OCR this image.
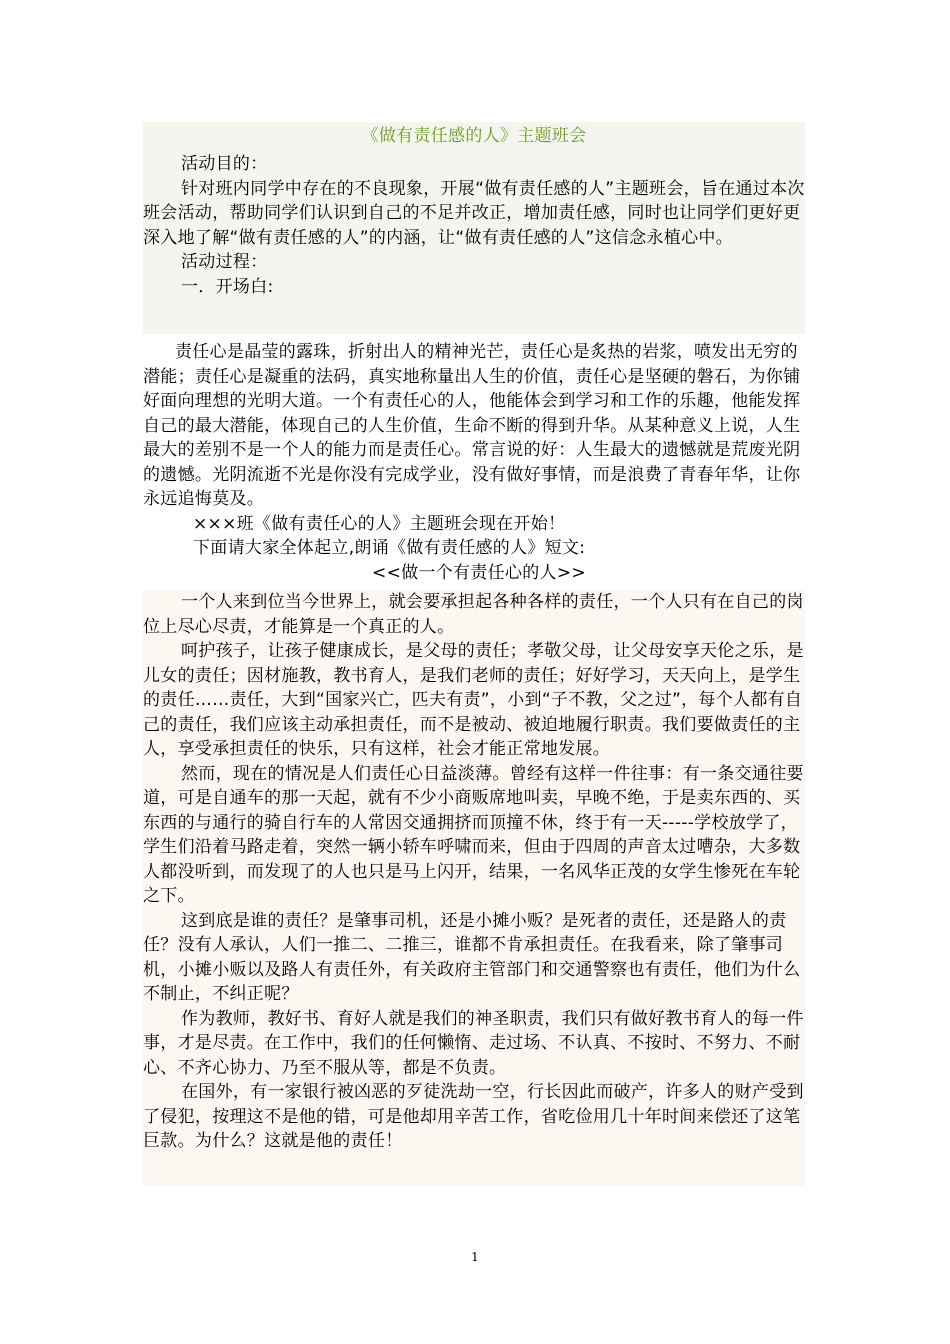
《做有责任感的人》主题班会

活动目的：

针对班内同学中存在的不良现象，开展“做有责任感的人”主题班会，旨在通过本次班会活动，帮助同学们认识到自己的不足并改正，增加责任感，同时也让同学们更好更深入地了解“做有责任感的人”的内涵，让“做有责任感的人”这信念永植心中。

活动过程：

一．开场白:

责任心是晶莹的露珠，折射出人的精神光芒，责任心是炙热的岩浆，喷发出无穷的潜能；责任心是凝重的法码，真实地称量出人生的价值，责任心是坚硬的磐石，为你铺好面向理想的光明大道。一个有责任心的人，他能体会到学习和工作的乐趣，他能发挥自己的最大潜能，体现自己的人生价值，生命不断的得到升华。从某种意义上说，人生最大的差别不是一个人的能力而是责任心。常言说的好：人生最大的遗憾就是荒废光阴的遗憾。光阴流逝不光是你没有完成学业，没有做好事情，而是浪费了青春年华，让你永远追悔莫及。

×××班《做有责任心的人》主题班会现在开始！

下面请大家全体起立,朗诵《做有责任感的人》短文:

<<做一个有责任心的人>>

一个人来到位当今世界上，就会要承担起各种各样的责任，一个人只有在自己的岗位上尽心尽责，才能算是一个真正的人。

呵护孩子，让孩子健康成长，是父母的责任；孝敬父母，让父母安享天伦之乐，是儿女的责任；因材施教，教书育人，是我们老师的责任；好好学习，天天向上，是学生的责任……责任，大到“国家兴亡，匹夫有责”，小到“子不教，父之过”，每个人都有自己的责任，我们应该主动承担责任，而不是被动、被迫地履行职责。我们要做责任的主人，享受承担责任的快乐，只有这样，社会才能正常地发展。

然而，现在的情况是人们责任心日益淡薄。曾经有这样一件往事：有一条交通往要道，可是自通车的那一天起，就有不少小商贩席地叫卖，早晚不绝，于是卖东西的、买东西的与通行的骑自行车的人常因交通拥挤而顶撞不休，终于有一天-----学校放学了，学生们沿着马路走着，突然一辆小轿车呼啸而来，但由于四周的声音太过嘈杂，大多数人都没听到，而发现了的人也只是马上闪开，结果，一名风华正茂的女学生惨死在车轮之下。

这到底是谁的责任？是肇事司机，还是小摊小贩？是死者的责任，还是路人的责任？没有人承认，人们一推二、二推三，谁都不肯承担责任。在我看来，除了肇事司机，小摊小贩以及路人有责任外，有关政府主管部门和交通警察也有责任，他们为什么不制止，不纠正呢？

作为教师，教好书、育好人就是我们的神圣职责，我们只有做好教书育人的每一件事，才是尽责。在工作中，我们的任何懒惰、走过场、不认真、不按时、不努力、不耐心、不齐心协力、乃至不服从等，都是不负责。

在国外，有一家银行被凶恶的歹徒洗劫一空，行长因此而破产，许多人的财产受到了侵犯，按理这不是他的错，可是他却用辛苦工作，省吃俭用几十年时间来偿还了这笔巨款。为什么？这就是他的责任！

1
